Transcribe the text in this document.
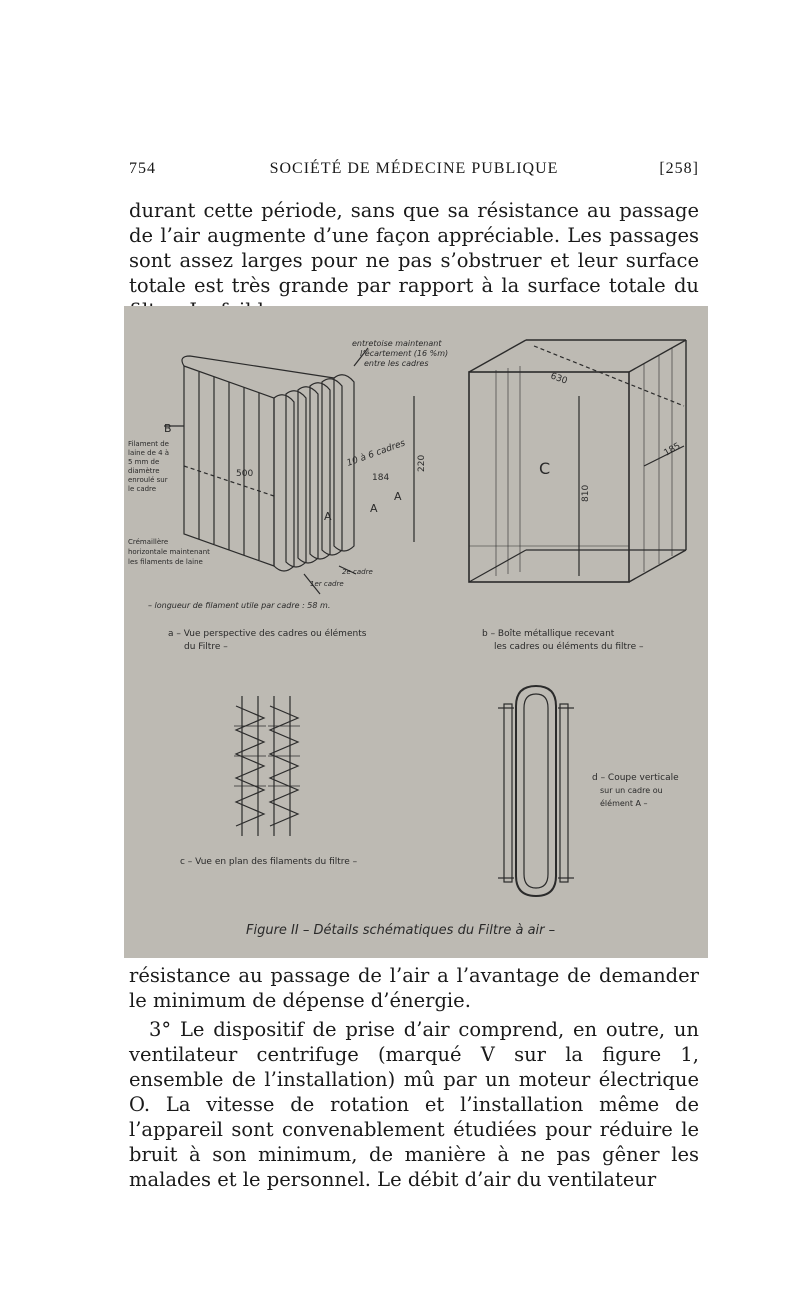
754	SOCIÉTÉ DE MÉDECINE PUBLIQUE	[258]

durant cette période, sans que sa résistance au passage de l’air augmente d’une façon appréciable. Les passages sont assez larges pour ne pas s’obstruer et leur surface totale est très grande par rapport à la surface totale du

entretoise maintenant
l’écartement (16 %m)
entre les cadres
B
Filament de
laine de 4 à
5 mm de
diamètre
enroulé sur
le cadre
Crémaillère
horizontale maintenant
les filaments de laine
500
10 à 6 cadres
184
220
A
A
A
1er cadre
2e cadre
– longueur de filament utile par cadre : 58 m.
a – Vue perspective des cadres ou éléments
du Filtre –
C
630
810
185
b – Boîte métallique recevant
les cadres ou éléments du filtre –
c – Vue en plan des filaments du filtre –
d – Coupe verticale
sur un cadre ou
élément A –
Figure II – Détails schématiques du Filtre à air –

résistance au passage de l’air a l’avantage de demander le minimum de dépense d’énergie.

3° Le dispositif de prise d’air comprend, en outre, un ventilateur centrifuge (marqué V sur la figure 1, ensemble de l’installation) mû par un moteur électrique O. La vitesse de rotation et l’installation même de l’appareil sont convenablement étudiées pour réduire le bruit à son minimum, de manière à ne pas gêner les malades et le personnel. Le débit d’air du ventilateur
